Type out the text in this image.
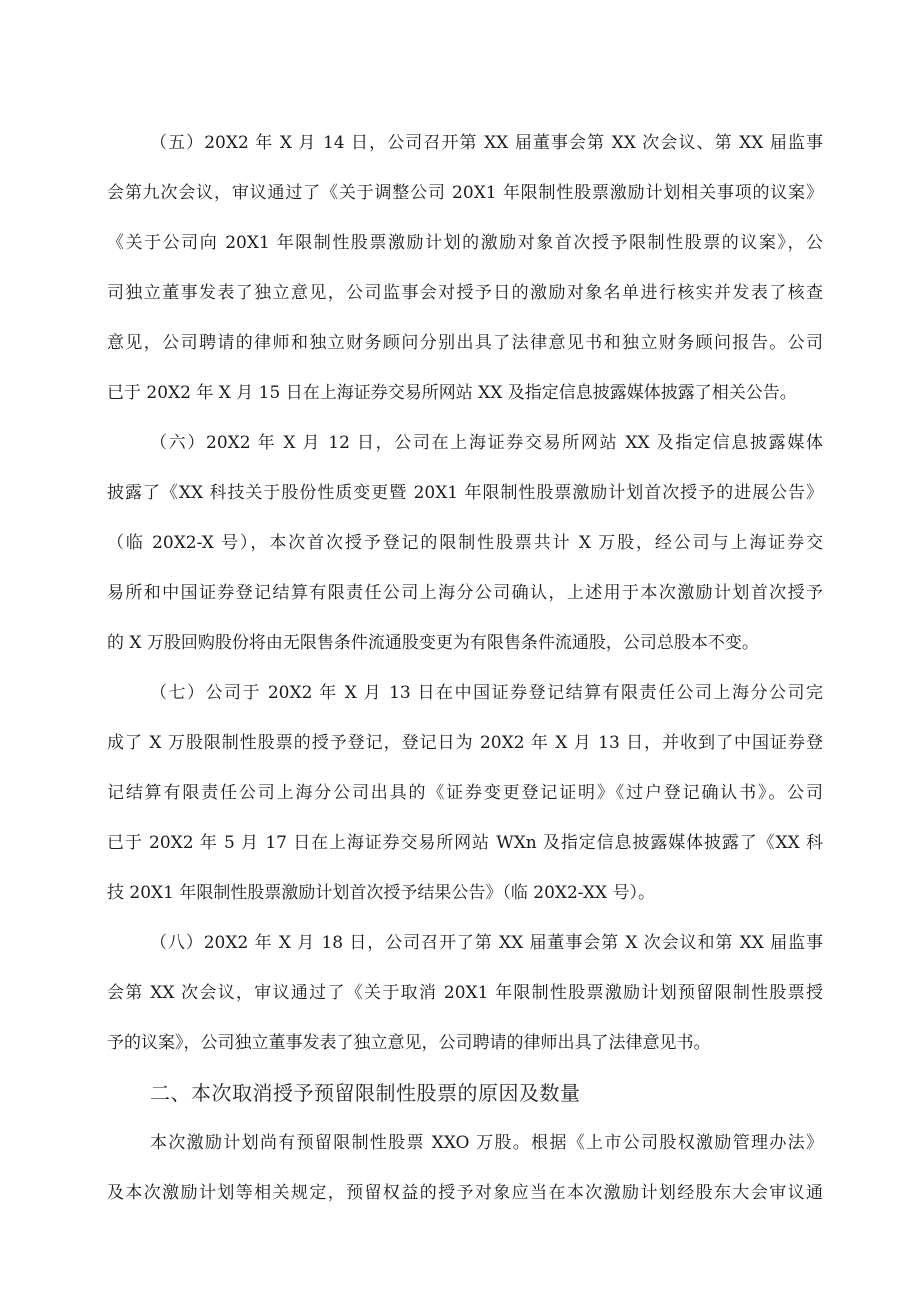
（五）20X2 年 X 月 14 日，公司召开第 XX 届董事会第 XX 次会议、第 XX 届监事
会第九次会议，审议通过了《关于调整公司 20X1 年限制性股票激励计划相关事项的议案》
《关于公司向 20X1 年限制性股票激励计划的激励对象首次授予限制性股票的议案》，公
司独立董事发表了独立意见，公司监事会对授予日的激励对象名单进行核实并发表了核查
意见，公司聘请的律师和独立财务顾问分别出具了法律意见书和独立财务顾问报告。公司
已于 20X2 年 X 月 15 日在上海证券交易所网站 XX 及指定信息披露媒体披露了相关公告。
（六）20X2 年 X 月 12 日，公司在上海证券交易所网站 XX 及指定信息披露媒体
披露了《XX 科技关于股份性质变更暨 20X1 年限制性股票激励计划首次授予的进展公告》
（临 20X2-X 号），本次首次授予登记的限制性股票共计 X 万股，经公司与上海证券交
易所和中国证券登记结算有限责任公司上海分公司确认，上述用于本次激励计划首次授予
的 X 万股回购股份将由无限售条件流通股变更为有限售条件流通股，公司总股本不变。
（七）公司于 20X2 年 X 月 13 日在中国证券登记结算有限责任公司上海分公司完
成了 X 万股限制性股票的授予登记，登记日为 20X2 年 X 月 13 日，并收到了中国证券登
记结算有限责任公司上海分公司出具的《证券变更登记证明》《过户登记确认书》。公司
已于 20X2 年 5 月 17 日在上海证券交易所网站 WXn 及指定信息披露媒体披露了《XX 科
技 20X1 年限制性股票激励计划首次授予结果公告》（临 20X2-XX 号）。
（八）20X2 年 X 月 18 日，公司召开了第 XX 届董事会第 X 次会议和第 XX 届监事
会第 XX 次会议，审议通过了《关于取消 20X1 年限制性股票激励计划预留限制性股票授
予的议案》，公司独立董事发表了独立意见，公司聘请的律师出具了法律意见书。
二、本次取消授予预留限制性股票的原因及数量
本次激励计划尚有预留限制性股票 XXO 万股。根据《上市公司股权激励管理办法》
及本次激励计划等相关规定，预留权益的授予对象应当在本次激励计划经股东大会审议通
